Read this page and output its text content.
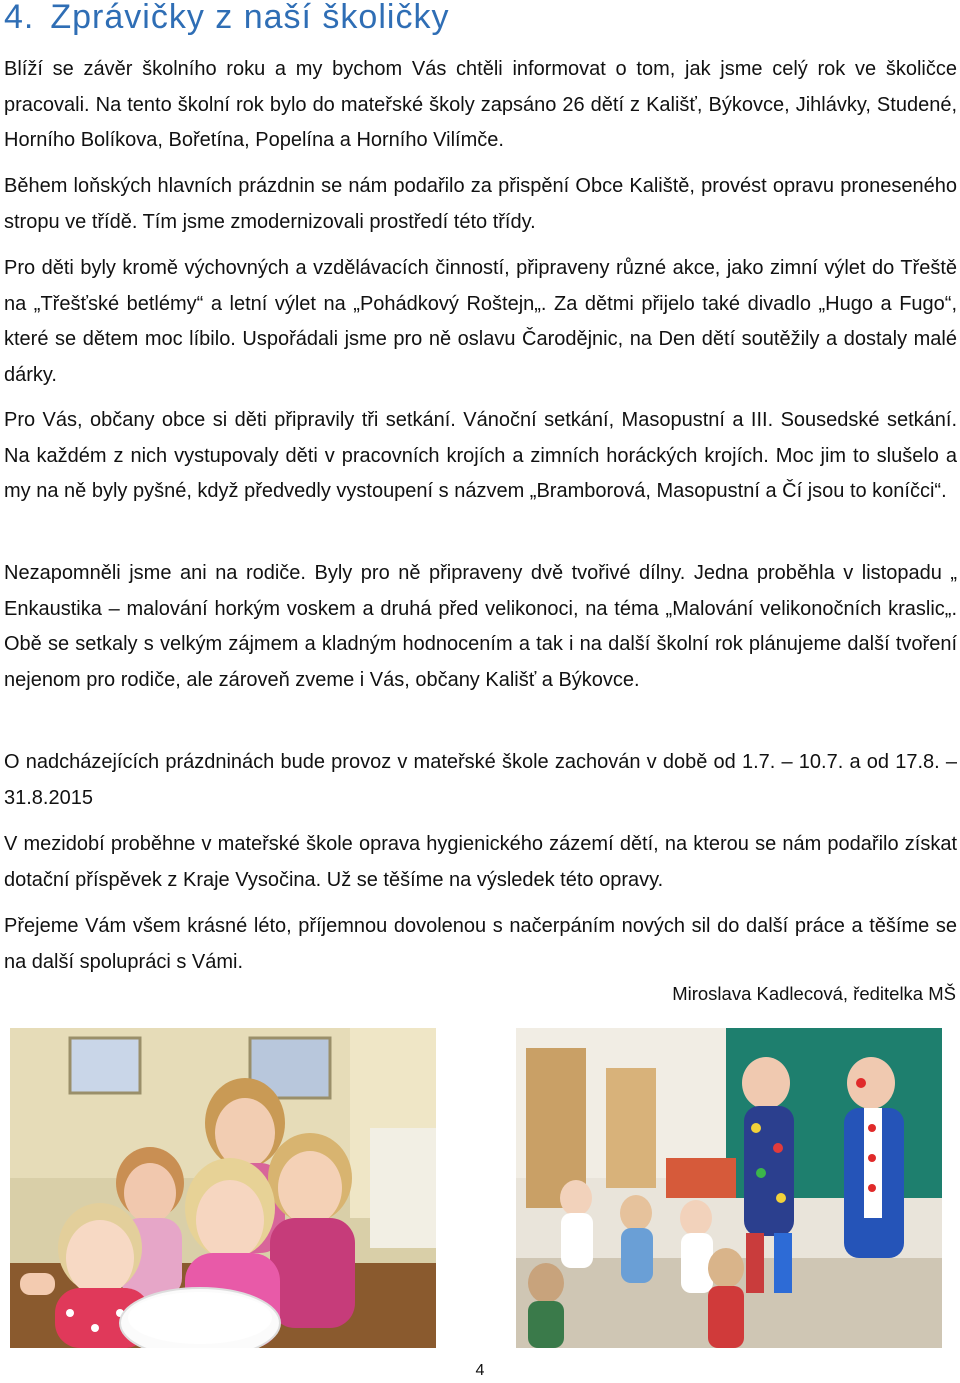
4. Zprávičky z naší školičky

Blíží se závěr školního roku a my bychom Vás chtěli informovat o tom, jak jsme celý rok ve školičce pracovali. Na tento školní rok bylo do mateřské školy zapsáno 26 dětí z Kališť, Býkovce, Jihlávky, Studené, Horního Bolíkova, Bořetína, Popelína a Horního Vilímče.

Během loňských hlavních prázdnin se nám podařilo za přispění Obce Kaliště, provést opravu proneseného stropu ve třídě. Tím jsme zmodernizovali prostředí této třídy.

Pro děti byly kromě výchovných a vzdělávacích činností, připraveny různé akce, jako zimní výlet do Třeště na „Třešťské betlémy“ a letní výlet na „Pohádkový Roštejn„. Za dětmi přijelo také divadlo „Hugo a Fugo“, které se dětem moc líbilo. Uspořádali jsme pro ně oslavu Čarodějnic, na Den dětí soutěžily a dostaly malé dárky.

Pro Vás, občany obce si děti připravily tři setkání. Vánoční setkání, Masopustní a III. Sousedské setkání. Na každém z nich vystupovaly děti v pracovních krojích a zimních horáckých krojích. Moc jim to slušelo a my na ně byly pyšné, když předvedly vystoupení s názvem „Bramborová, Masopustní a Čí jsou to koníčci“.

Nezapomněli jsme ani na rodiče. Byly pro ně připraveny dvě tvořivé dílny. Jedna proběhla v listopadu „ Enkaustika – malování horkým voskem a druhá před velikonoci, na téma „Malování velikonočních kraslic„. Obě se setkaly s velkým zájmem a kladným hodnocením a tak i na další školní rok plánujeme další tvoření nejenom pro rodiče, ale zároveň zveme i Vás, občany Kališť a Býkovce.

O nadcházejících prázdninách bude provoz v mateřské škole zachován v době od 1.7. – 10.7. a od 17.8. – 31.8.2015

V mezidobí proběhne v mateřské škole oprava hygienického zázemí dětí, na kterou se nám podařilo získat dotační příspěvek z Kraje Vysočina. Už se těšíme na výsledek této opravy.

Přejeme Vám všem krásné léto, příjemnou dovolenou s načerpáním nových sil do další práce a těšíme se na další spolupráci s Vámi.

Miroslava Kadlecová, ředitelka MŠ

4
